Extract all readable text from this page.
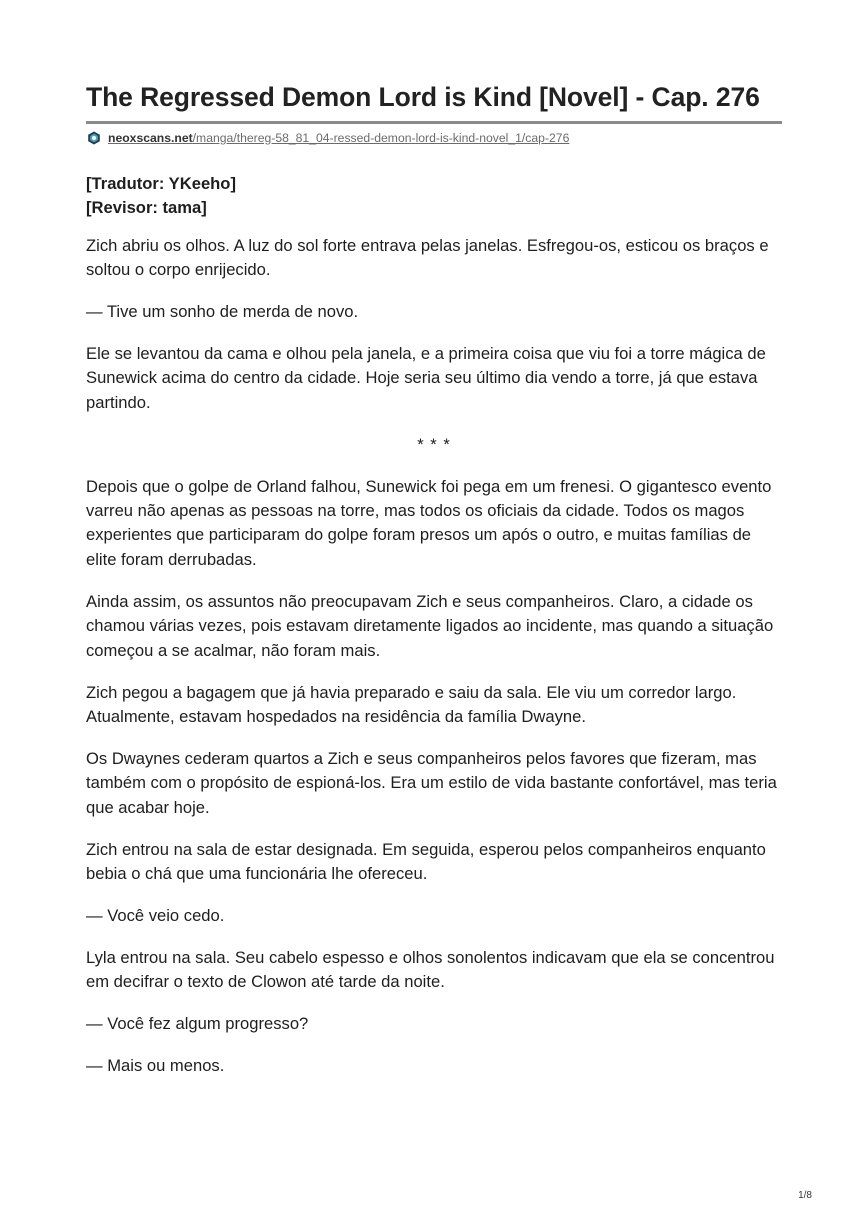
The Regressed Demon Lord is Kind [Novel] - Cap. 276
neoxscans.net/manga/thereg-58_81_04-ressed-demon-lord-is-kind-novel_1/cap-276
[Tradutor: YKeeho]
[Revisor: tama]

Zich abriu os olhos. A luz do sol forte entrava pelas janelas. Esfregou-os, esticou os braços e soltou o corpo enrijecido.

— Tive um sonho de merda de novo.

Ele se levantou da cama e olhou pela janela, e a primeira coisa que viu foi a torre mágica de Sunewick acima do centro da cidade. Hoje seria seu último dia vendo a torre, já que estava partindo.

* * *

Depois que o golpe de Orland falhou, Sunewick foi pega em um frenesi. O gigantesco evento varreu não apenas as pessoas na torre, mas todos os oficiais da cidade. Todos os magos experientes que participaram do golpe foram presos um após o outro, e muitas famílias de elite foram derrubadas.

Ainda assim, os assuntos não preocupavam Zich e seus companheiros. Claro, a cidade os chamou várias vezes, pois estavam diretamente ligados ao incidente, mas quando a situação começou a se acalmar, não foram mais.

Zich pegou a bagagem que já havia preparado e saiu da sala. Ele viu um corredor largo. Atualmente, estavam hospedados na residência da família Dwayne.

Os Dwaynes cederam quartos a Zich e seus companheiros pelos favores que fizeram, mas também com o propósito de espioná-los. Era um estilo de vida bastante confortável, mas teria que acabar hoje.

Zich entrou na sala de estar designada. Em seguida, esperou pelos companheiros enquanto bebia o chá que uma funcionária lhe ofereceu.

— Você veio cedo.

Lyla entrou na sala. Seu cabelo espesso e olhos sonolentos indicavam que ela se concentrou em decifrar o texto de Clowon até tarde da noite.

— Você fez algum progresso?

— Mais ou menos.

1/8
